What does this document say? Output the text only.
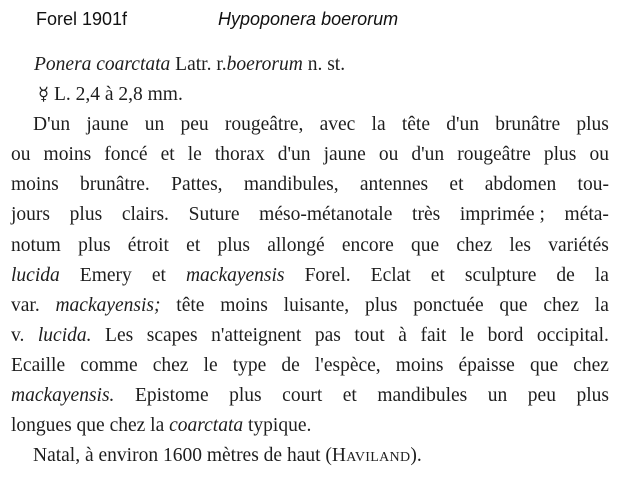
Forel 1901f	Hypoponera boerorum
Ponera coarctata Latr. r.boerorum n. st.
☿ L. 2,4 à 2,8 mm.
D'un jaune un peu rougeâtre, avec la tête d'un brunâtre plus
ou moins foncé et le thorax d'un jaune ou d'un rougeâtre plus ou
moins brunâtre. Pattes, mandibules, antennes et abdomen tou-
jours plus clairs. Suture méso-métanotale très imprimée ; méta-
notum plus étroit et plus allongé encore que chez les variétés
lucida Emery et mackayensis Forel. Eclat et sculpture de la
var. mackayensis; tête moins luisante, plus ponctuée que chez la
v. lucida. Les scapes n'atteignent pas tout à fait le bord occipital.
Ecaille comme chez le type de l'espèce, moins épaisse que chez
mackayensis. Epistome plus court et mandibules un peu plus
longues que chez la coarctata typique.
Natal, à environ 1600 mètres de haut (Haviland).
